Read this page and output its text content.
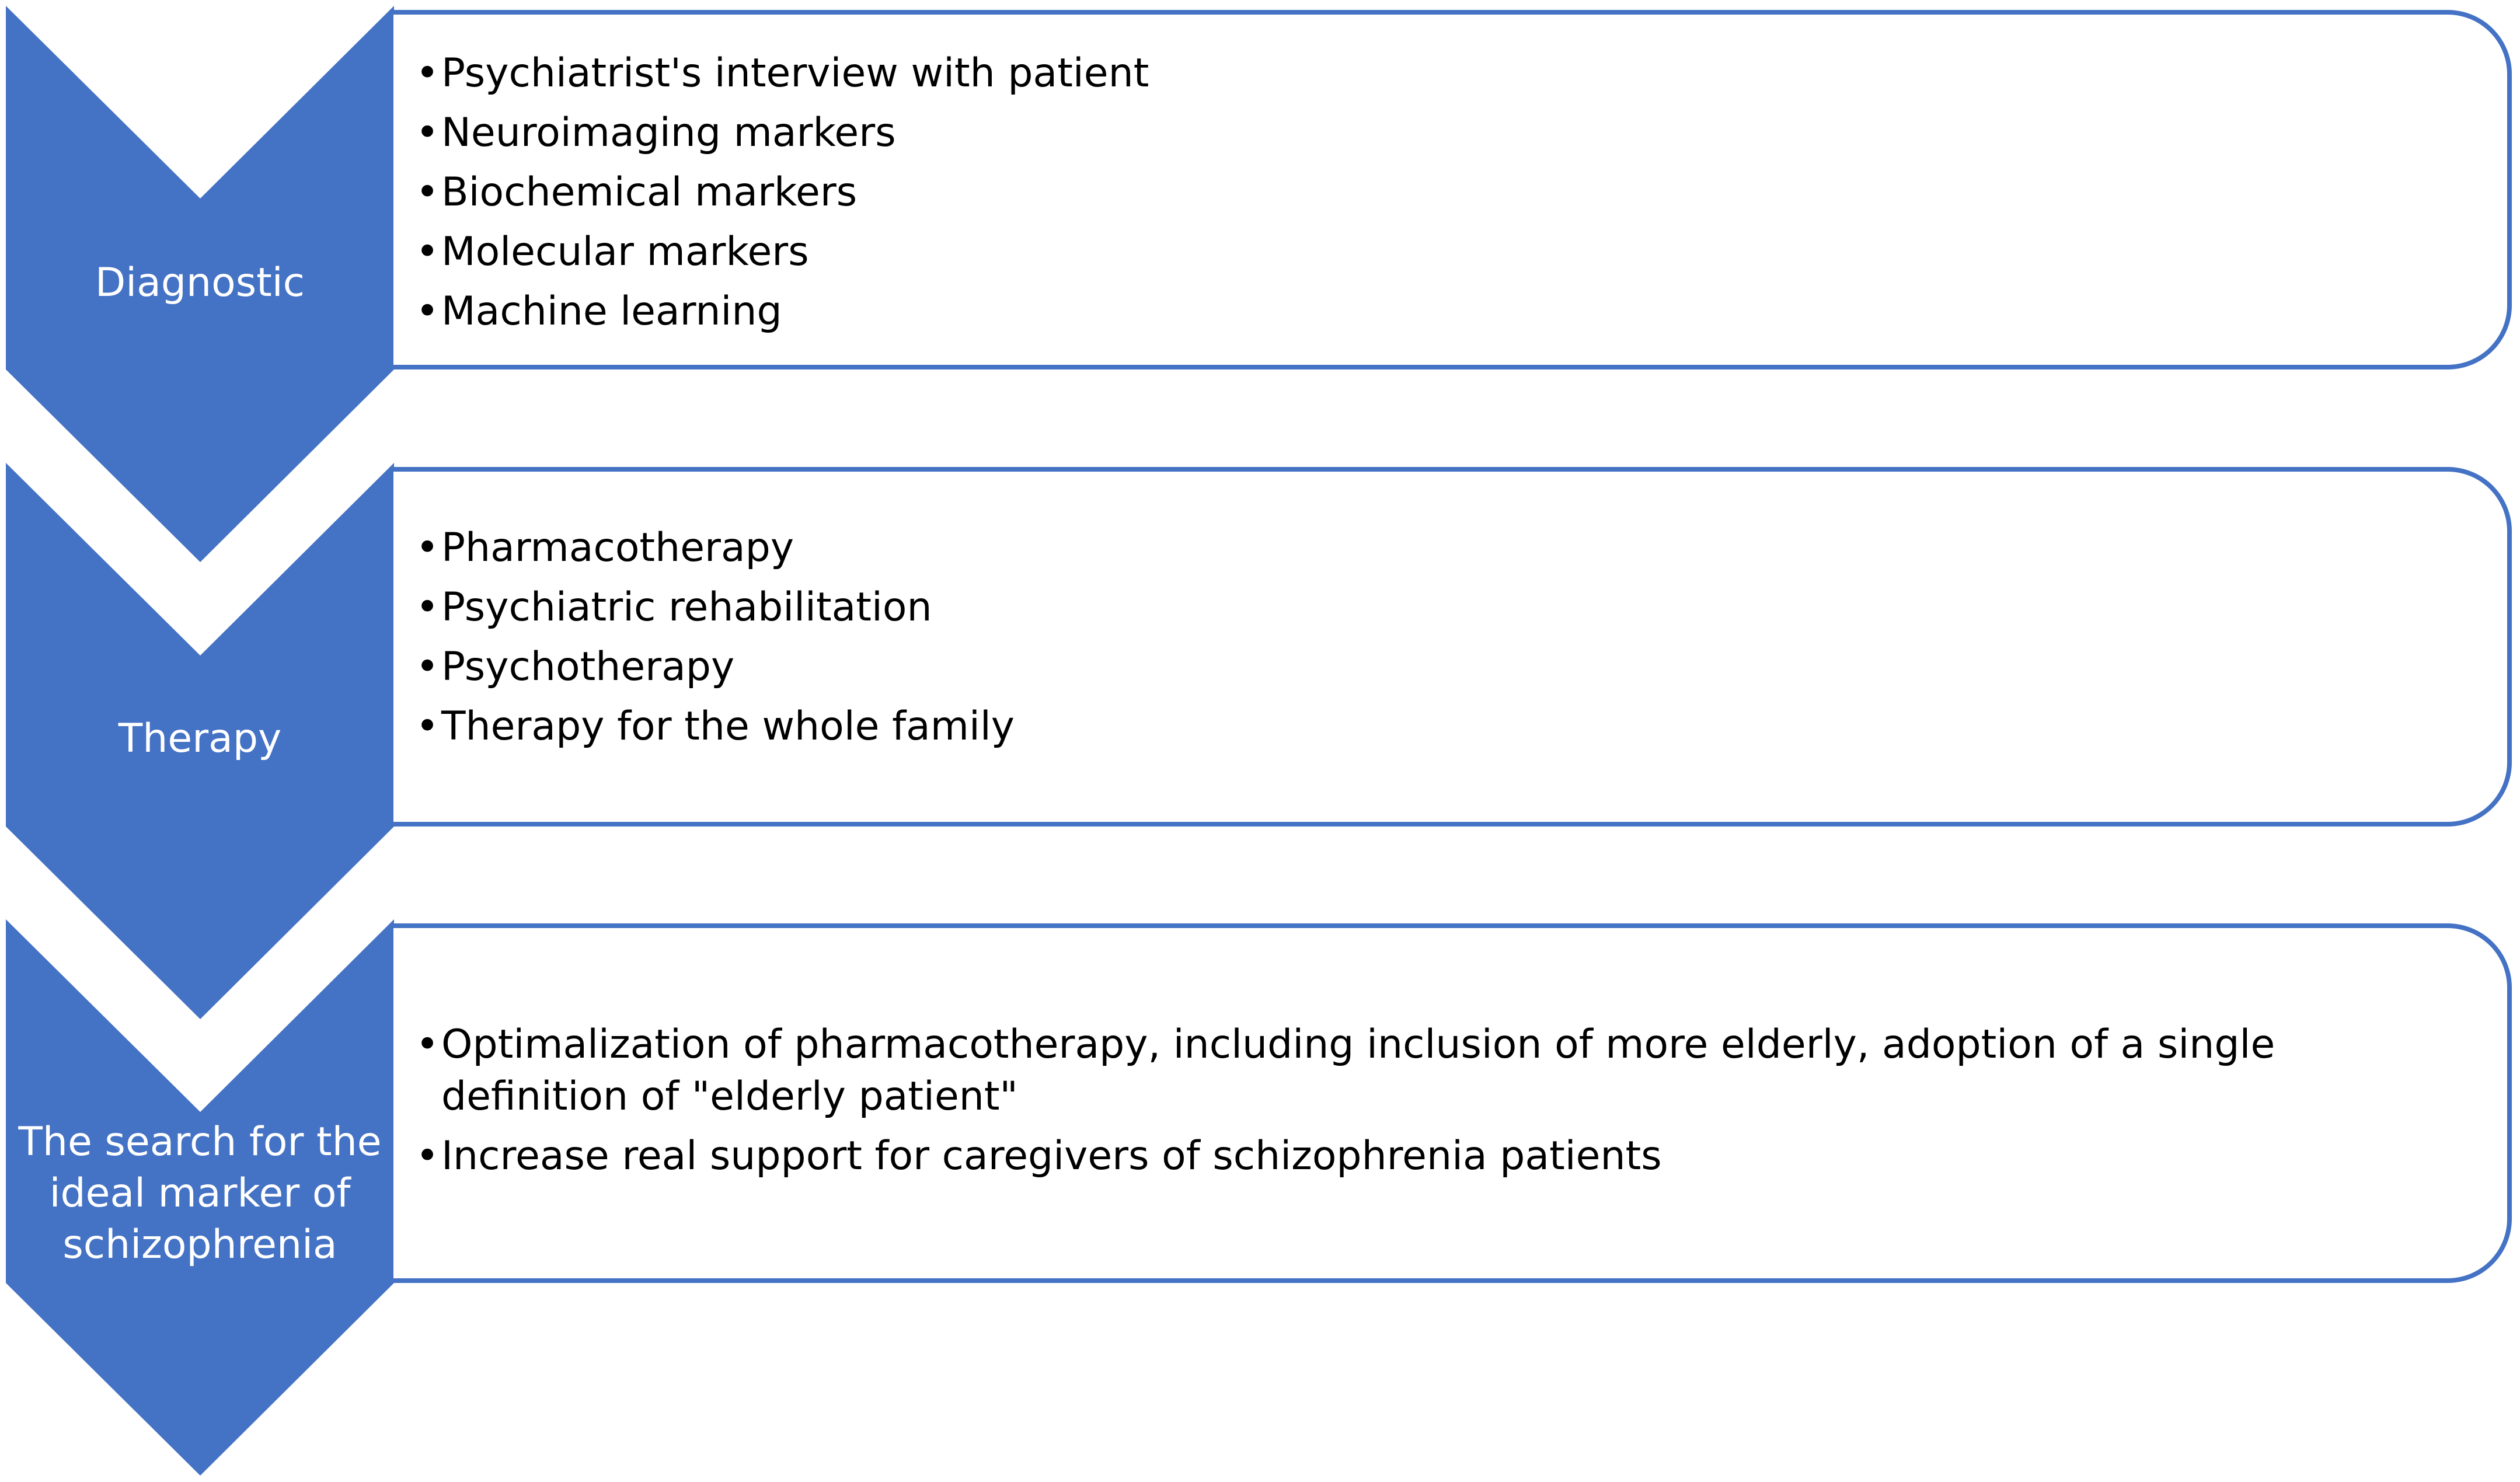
Diagnostic
Therapy
The search for the ideal marker of schizophrenia
• Psychiatrist's interview with patient
• Neuroimaging markers
• Biochemical markers
• Molecular markers
• Machine learning
• Pharmacotherapy
• Psychiatric rehabilitation
• Psychotherapy
• Therapy for the whole family
• Optimalization of pharmacotherapy, including inclusion of more elderly, adoption of a single definition of "elderly patient"
• Increase real support for caregivers of schizophrenia patients
